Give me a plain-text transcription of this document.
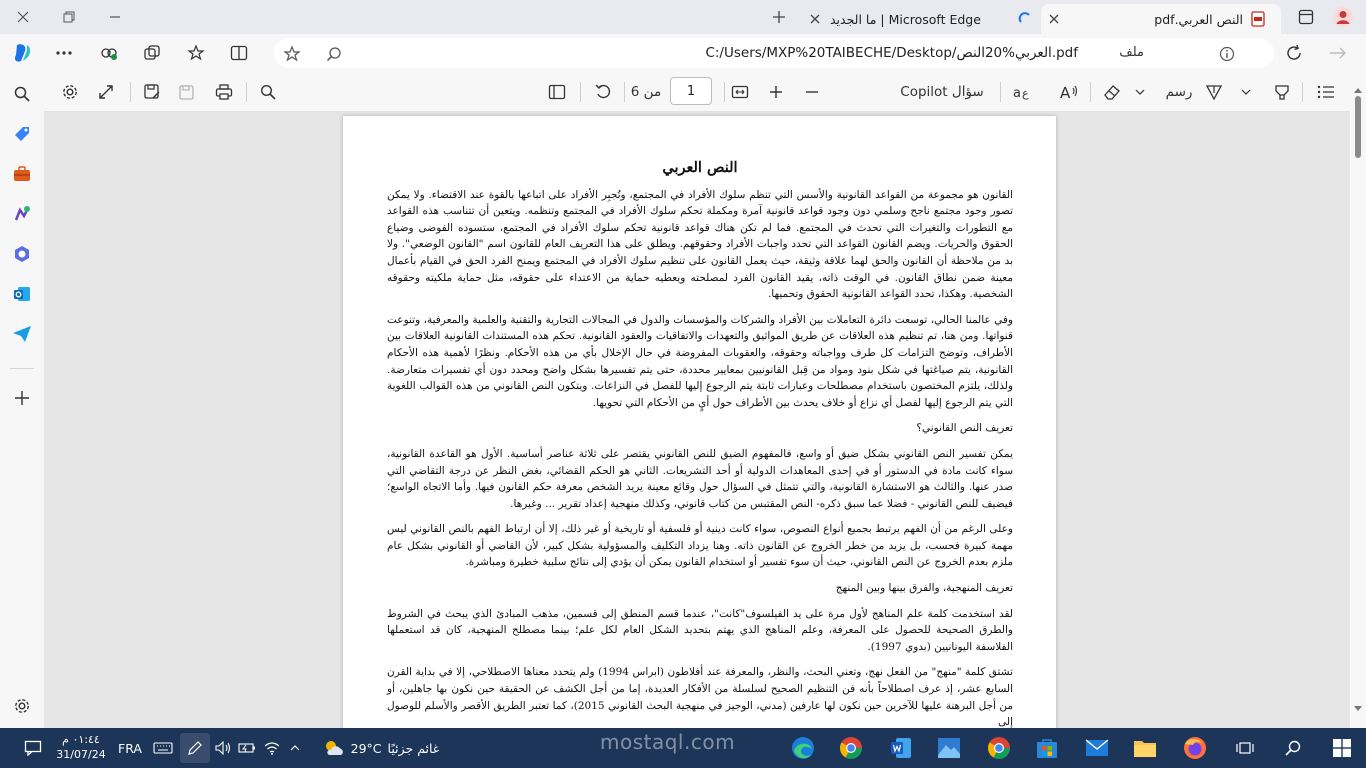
ما الجديد | Microsoft Edge	النص العربي.pdf
C:/Users/MXP%20TAIBECHE/Desktop/العربي%20النص.pdf	ملف
من 6	1	سؤال Copilot	a ع A	رسم
النص العربي

القانون هو مجموعة من القواعد القانونية والأسس التي تنظم سلوك الأفراد في المجتمع، وتُجبِر الأفراد على اتباعها بالقوة عند الاقتضاء. ولا يمكن تصور وجود مجتمع ناجح وسلمي دون وجود قواعد قانونية آمرة ومكملة تحكم سلوك الأفراد في المجتمع وتنظمه. ويتعين أن تتناسب هذه القواعد مع التطورات والتغيرات التي تحدث في المجتمع. فما لم تكن هناك قواعد قانونية تحكم سلوك الأفراد في المجتمع، ستسوده الفوضى وضياع الحقوق والحريات. ويضم القانون القواعد التي تحدد واجبات الأفراد وحقوقهم. ويطلق على هذا التعريف العام للقانون اسم "القانون الوضعي". ولا بد من ملاحظة أن القانون والحق لهما علاقة وثيقة، حيث يعمل القانون على تنظيم سلوك الأفراد في المجتمع ويمنح الفرد الحق في القيام بأعمال معينة ضمن نطاق القانون. في الوقت ذاته، يقيد القانون الفرد لمصلحته ويعطيه حماية من الاعتداء على حقوقه، مثل حماية ملكيته وحقوقه الشخصية. وهكذا، تحدد القواعد القانونية الحقوق وتحميها.

وفي عالمنا الحالي، توسعت دائرة التعاملات بين الأفراد والشركات والمؤسسات والدول في المجالات التجارية والتقنية والعلمية والمعرفية، وتنوعت قنواتها. ومن هنا، تم تنظيم هذه العلاقات عن طريق المواثيق والتعهدات والاتفاقيات والعقود القانونية. تحكم هذه المستندات القانونية العلاقات بين الأطراف، وتوضح التزامات كل طرف وواجباته وحقوقه، والعقوبات المفروضة في حال الإخلال بأي من هذه الأحكام. ونظرًا لأهمية هذه الأحكام القانونية، يتم صياغتها في شكل بنود ومواد من قِبل القانونيين بمعايير محددة، حتى يتم تفسيرها بشكل واضح ومحدد دون أي تفسيرات متعارضة. ولذلك، يلتزم المختصون باستخدام مصطلحات وعبارات ثابتة يتم الرجوع إليها للفصل في النزاعات. ويتكون النص القانوني من هذه القوالب اللغوية التي يتم الرجوع إليها لفصل أي نزاع أو خلاف يحدث بين الأطراف حول أيٍ من الأحكام التي تحويها.

تعريف النص القانوني؟

يمكن تفسير النص القانوني بشكل ضيق أو واسع، فالمفهوم الضيق للنص القانوني يقتصر على ثلاثة عناصر أساسية. الأول هو القاعدة القانونية، سواء كانت مادة في الدستور أو في إحدى المعاهدات الدولية أو أحد التشريعات. الثاني هو الحكم القضائي، بغض النظر عن درجة التقاضي التي صدر عنها. والثالث هو الاستشارة القانونية، والتي تتمثل في السؤال حول وقائع معينة يريد الشخص معرفة حكم القانون فيها. وأما الاتجاه الواسع؛ فيضيف للنص القانوني - فضلا عما سبق ذكره- النص المقتبس من كتاب قانوني، وكذلك منهجية إعداد تقرير ... وغيرها.

وعلى الرغم من أن الفهم يرتبط بجميع أنواع النصوص، سواء كانت دينية أو فلسفية أو تاريخية أو غير ذلك، إلا أن ارتباط الفهم بالنص القانوني ليس مهمة كبيرة فحسب، بل يزيد من خطر الخروج عن القانون ذاته. وهنا يزداد التكليف والمسؤولية بشكل كبير، لأن القاضي أو القانوني بشكل عام ملزم بعدم الخروج عن النص القانوني، حيث أن سوء تفسير أو استخدام القانون يمكن أن يؤدي إلى نتائج سلبية خطيرة ومباشرة.

تعريف المنهجية، والفرق بينها وبين المنهج

لقد استخدمت كلمة علم المناهج لأول مرة على يد الفيلسوف"كانت"، عندما قسم المنطق إلى قسمين، مذهب المبادئ الذي يبحث في الشروط والطرق الصحيحة للحصول على المعرفة، وعلم المناهج الذي يهتم بتحديد الشكل العام لكل علم؛ بينما مصطلح المنهجية، كان قد استعملها الفلاسفة اليونانيين (بدوي 1997).

تشتق كلمة "منهج" من الفعل نهج، وتعني البحث، والنظر، والمعرفة عند أفلاطون (ابراس 1994) ولم يتحدد معناها الاصطلاحي، إلا في بداية القرن السابع عشر، إذ عرف اصطلاحاً بأنه فن التنظيم الصحيح لسلسلة من الأفكار العديدة، إما من أجل الكشف عن الحقيقة حين نكون بها جاهلين، أو من أجل البرهنة عليها للآخرين حين نكون لها عارفين (مدني، الوجيز في منهجية البحث القانوني 2015)، كما تعتبر الطريق الأقصر والأسلم للوصول إلى

٠١:٤٤ م
31/07/24 FRA	29°C غائم جزئيًا	mostaql.com
